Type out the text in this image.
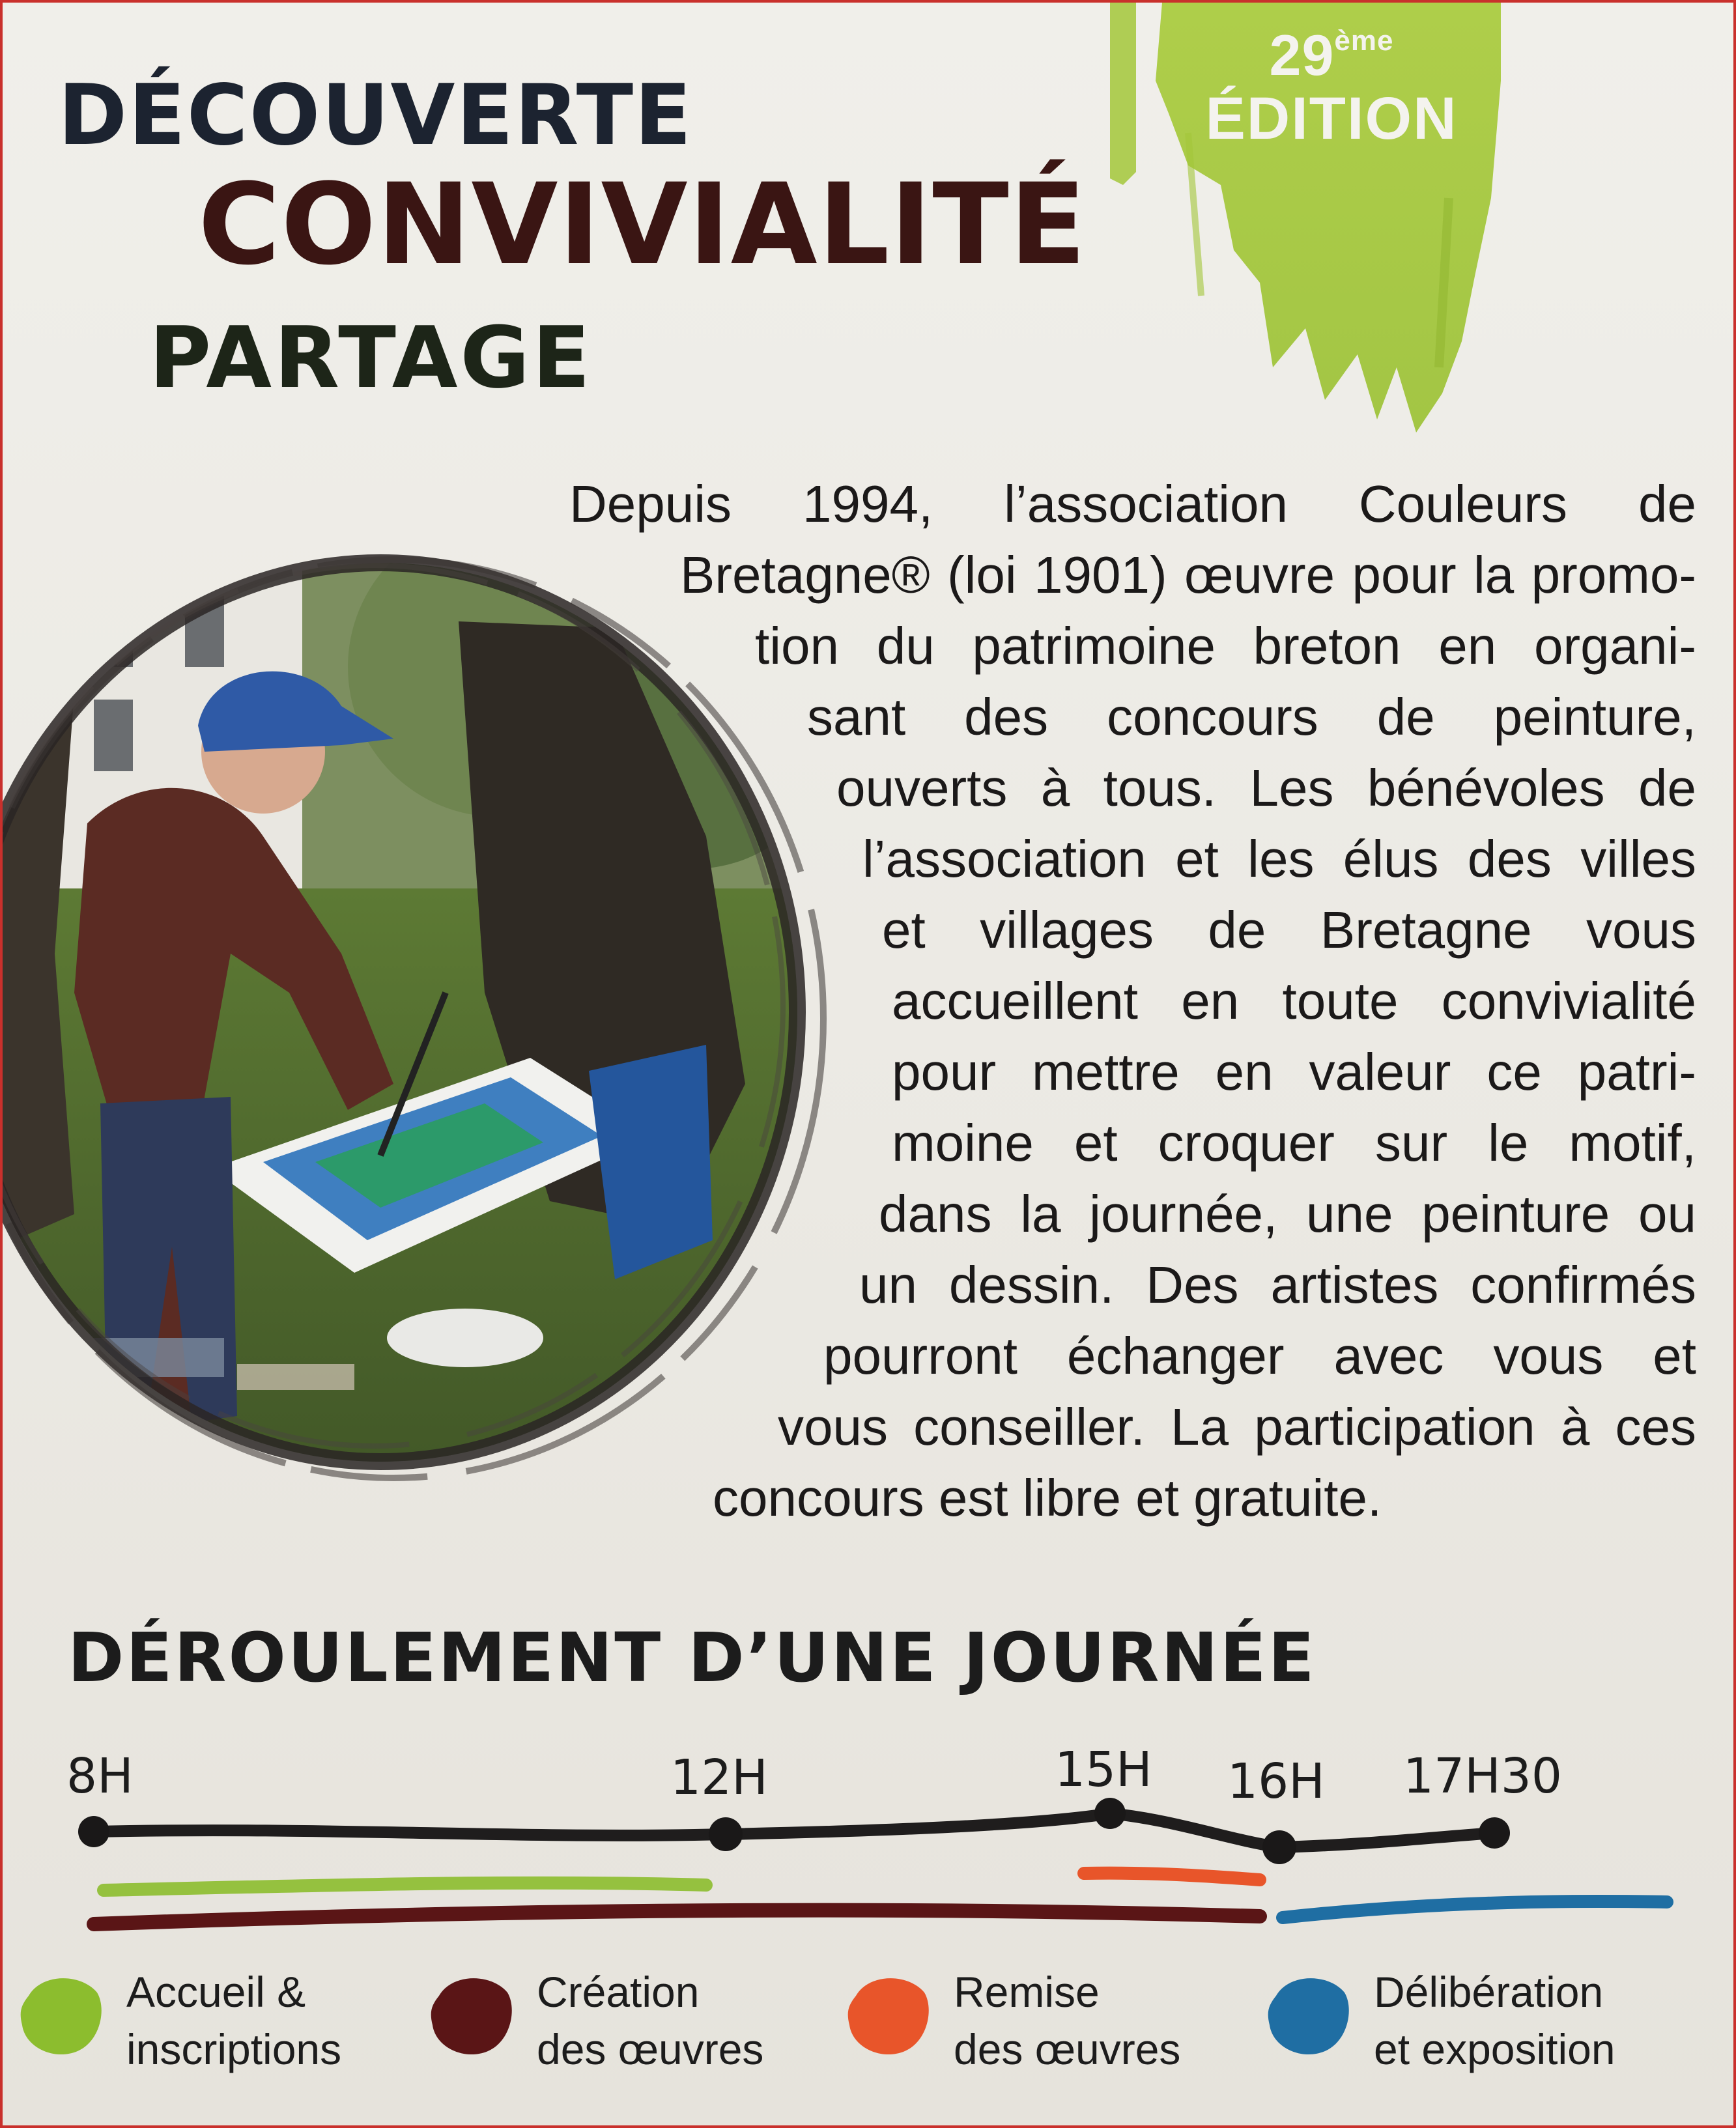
29ème
ÉDITION
DÉCOUVERTE
CONVIVIALITÉ
PARTAGE
Depuis 1994, l’association Couleurs de
Bretagne® (loi 1901) œuvre pour la promo-
tion du patrimoine breton en organi-
sant des concours de peinture,
ouverts à tous. Les bénévoles de
l’association et les élus des villes
et villages de Bretagne vous
accueillent en toute convivialité
pour mettre en valeur ce patri-
moine et croquer sur le motif,
dans la journée, une peinture ou
un dessin. Des artistes confirmés
pourront échanger avec vous et
vous conseiller. La participation à ces
concours est libre et gratuite.
DÉROULEMENT D’UNE JOURNÉE
8H	12H	15H 16H 17H30
Accueil &
inscriptions
Création
des œuvres
Remise
des œuvres
Délibération
et exposition
